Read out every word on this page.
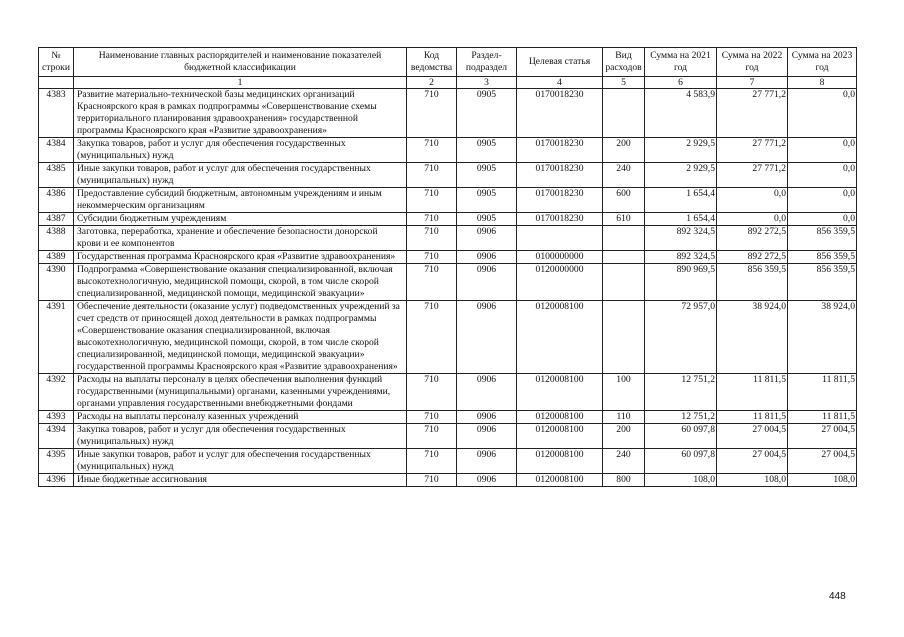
№ строки	Наименование главных распорядителей и наименование показателей бюджетной классификации	Код ведомства	Раздел-подраздел	Целевая статья	Вид расходов	Сумма на 2021 год	Сумма на 2022 год	Сумма на 2023 год
	1	2	3	4	5	6	7	8
4383	Развитие материально-технической базы медицинских организаций Красноярского края в рамках подпрограммы «Совершенствование схемы территориального планирования здравоохранения» государственной программы Красноярского края «Развитие здравоохранения»	710	0905	0170018230		4 583,9	27 771,2	0,0
4384	Закупка товаров, работ и услуг для обеспечения государственных (муниципальных) нужд	710	0905	0170018230	200	2 929,5	27 771,2	0,0
4385	Иные закупки товаров, работ и услуг для обеспечения государственных (муниципальных) нужд	710	0905	0170018230	240	2 929,5	27 771,2	0,0
4386	Предоставление субсидий бюджетным, автономным учреждениям и иным некоммерческим организациям	710	0905	0170018230	600	1 654,4	0,0	0,0
4387	Субсидии бюджетным учреждениям	710	0905	0170018230	610	1 654,4	0,0	0,0
4388	Заготовка, переработка, хранение и обеспечение безопасности донорской крови и ее компонентов	710	0906			892 324,5	892 272,5	856 359,5
4389	Государственная программа Красноярского края «Развитие здравоохранения»	710	0906	0100000000		892 324,5	892 272,5	856 359,5
4390	Подпрограмма «Совершенствование оказания специализированной, включая высокотехнологичную, медицинской помощи, скорой, в том числе скорой специализированной, медицинской помощи, медицинской эвакуации»	710	0906	0120000000		890 969,5	856 359,5	856 359,5
4391	Обеспечение деятельности (оказание услуг) подведомственных учреждений за счет средств от приносящей доход деятельности в рамках подпрограммы «Совершенствование оказания специализированной, включая высокотехнологичную, медицинской помощи, скорой, в том числе скорой специализированной, медицинской помощи, медицинской эвакуации» государственной программы Красноярского края «Развитие здравоохранения»	710	0906	0120008100		72 957,0	38 924,0	38 924,0
4392	Расходы на выплаты персоналу в целях обеспечения выполнения функций государственными (муниципальными) органами, казенными учреждениями, органами управления государственными внебюджетными фондами	710	0906	0120008100	100	12 751,2	11 811,5	11 811,5
4393	Расходы на выплаты персоналу казенных учреждений	710	0906	0120008100	110	12 751,2	11 811,5	11 811,5
4394	Закупка товаров, работ и услуг для обеспечения государственных (муниципальных) нужд	710	0906	0120008100	200	60 097,8	27 004,5	27 004,5
4395	Иные закупки товаров, работ и услуг для обеспечения государственных (муниципальных) нужд	710	0906	0120008100	240	60 097,8	27 004,5	27 004,5
4396	Иные бюджетные ассигнования	710	0906	0120008100	800	108,0	108,0	108,0
448
